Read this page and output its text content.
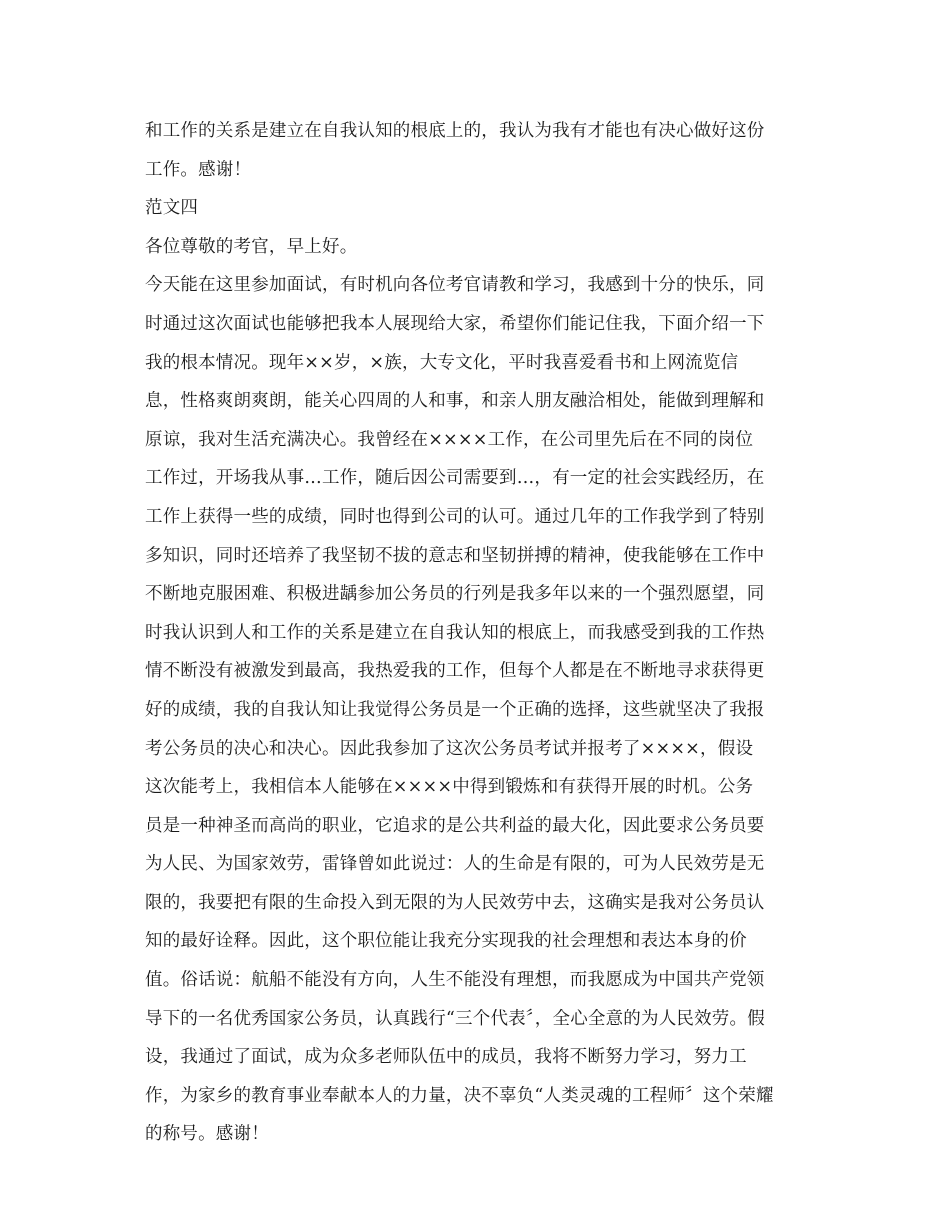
和工作的关系是建立在自我认知的根底上的，我认为我有才能也有决心做好这份
工作。感谢！
范文四
各位尊敬的考官，早上好。
今天能在这里参加面试，有时机向各位考官请教和学习，我感到十分的快乐，同
时通过这次面试也能够把我本人展现给大家，希望你们能记住我，下面介绍一下
我的根本情况。现年××岁，×族，大专文化，平时我喜爱看书和上网流览信
息，性格爽朗爽朗，能关心四周的人和事，和亲人朋友融洽相处，能做到理解和
原谅，我对生活充满决心。我曾经在××××工作，在公司里先后在不同的岗位
工作过，开场我从事…工作，随后因公司需要到…，有一定的社会实践经历，在
工作上获得一些的成绩，同时也得到公司的认可。通过几年的工作我学到了特别
多知识，同时还培养了我坚韧不拔的意志和坚韧拼搏的精神，使我能够在工作中
不断地克服困难、积极进龋参加公务员的行列是我多年以来的一个强烈愿望，同
时我认识到人和工作的关系是建立在自我认知的根底上，而我感受到我的工作热
情不断没有被激发到最高，我热爱我的工作，但每个人都是在不断地寻求获得更
好的成绩，我的自我认知让我觉得公务员是一个正确的选择，这些就坚决了我报
考公务员的决心和决心。因此我参加了这次公务员考试并报考了××××，假设
这次能考上，我相信本人能够在××××中得到锻炼和有获得开展的时机。公务
员是一种神圣而高尚的职业，它追求的是公共利益的最大化，因此要求公务员要
为人民、为国家效劳，雷锋曾如此说过：人的生命是有限的，可为人民效劳是无
限的，我要把有限的生命投入到无限的为人民效劳中去，这确实是我对公务员认
知的最好诠释。因此，这个职位能让我充分实现我的社会理想和表达本身的价
值。俗话说：航船不能没有方向，人生不能没有理想，而我愿成为中国共产党领
导下的一名优秀国家公务员，认真践行“三个代表〞，全心全意的为人民效劳。假
设，我通过了面试，成为众多老师队伍中的成员，我将不断努力学习，努力工
作，为家乡的教育事业奉献本人的力量，决不辜负“人类灵魂的工程师〞这个荣耀
的称号。感谢！
